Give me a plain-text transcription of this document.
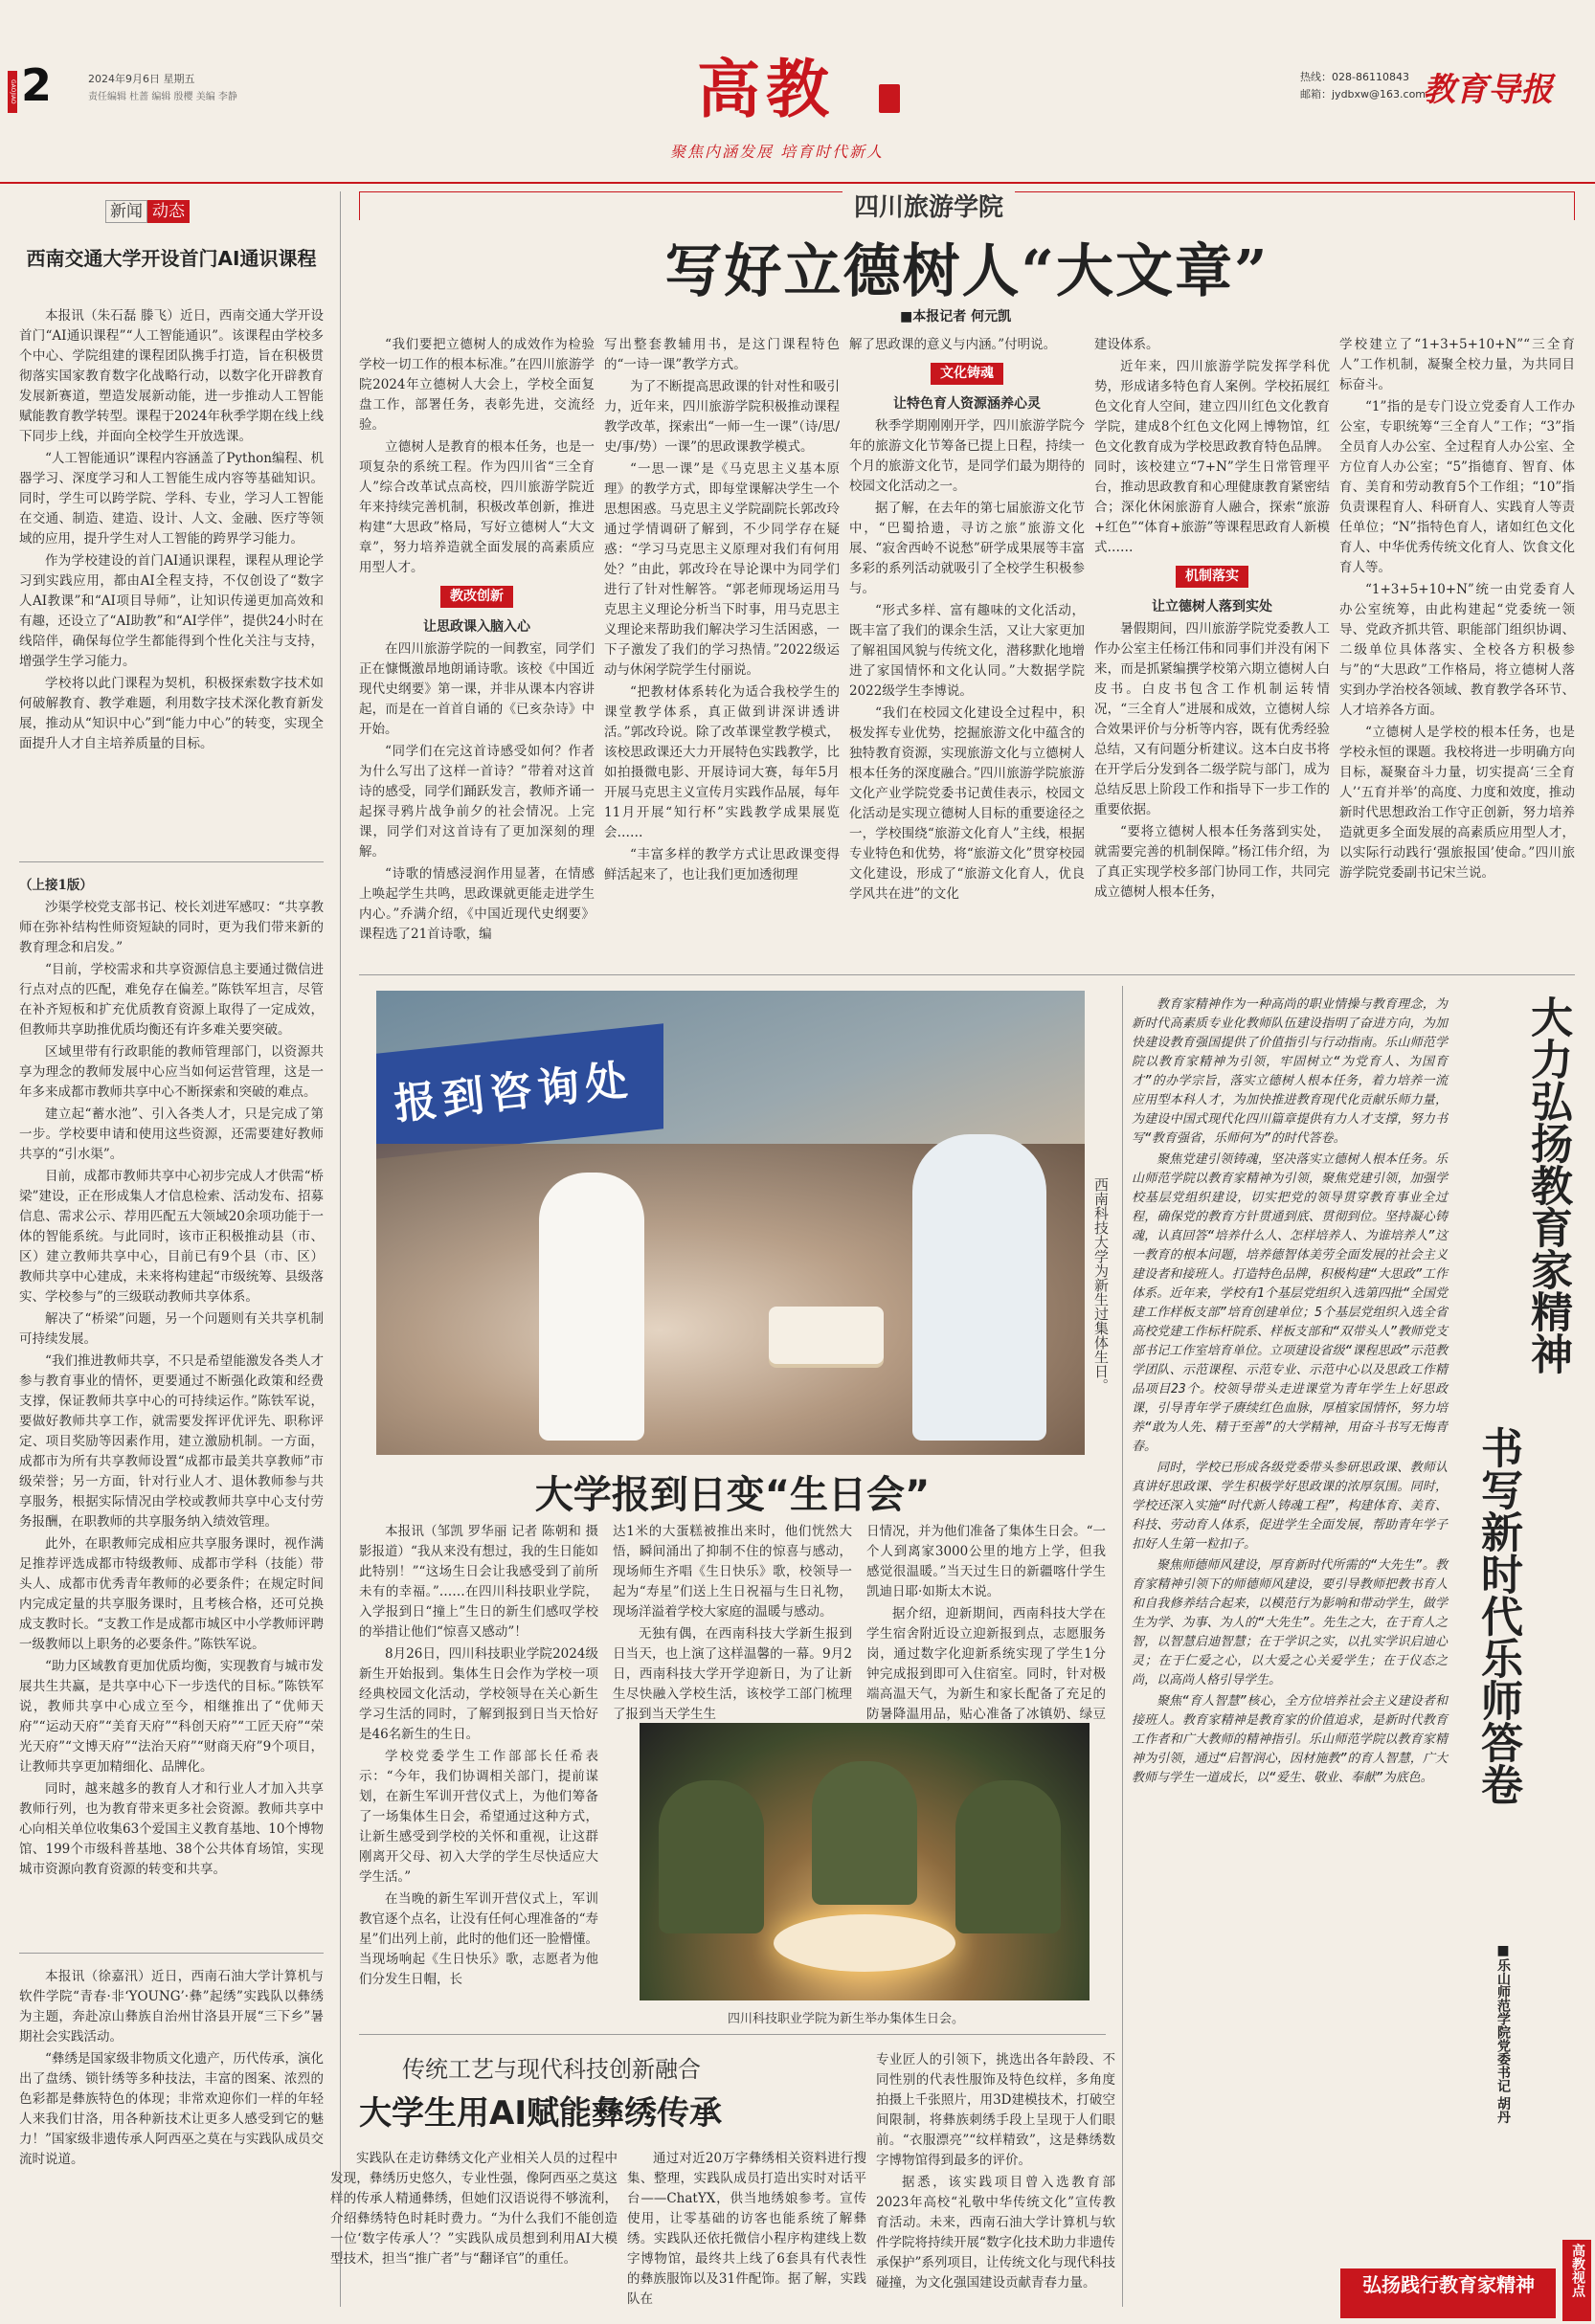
GAOJIAO 2	2024年9月6日 星期五
责任编辑 杜蔷 编辑 殷樱 美编 李静	高教
聚焦内涵发展 培育时代新人
热线：028-86110843
邮箱：jydbxw@163.com
教育导报
新闻 动态
西南交通大学开设首门AI通识课程

本报讯（朱石磊 滕飞）近日，西南交通大学开设首门“AI通识课程”“人工智能通识”。该课程由学校多个中心、学院组建的课程团队携手打造，旨在积极贯彻落实国家教育数字化战略行动，以数字化开辟教育发展新赛道，塑造发展新动能，进一步推动人工智能赋能教育教学转型。课程于2024年秋季学期在线上线下同步上线，并面向全校学生开放选课。

“人工智能通识”课程内容涵盖了Python编程、机器学习、深度学习和人工智能生成内容等基础知识。同时，学生可以跨学院、学科、专业，学习人工智能在交通、制造、建造、设计、人文、金融、医疗等领域的应用，提升学生对人工智能的跨界学习能力。

作为学校建设的首门AI通识课程，课程从理论学习到实践应用，都由AI全程支持，不仅创设了“数字人AI教课”和“AI项目导师”，让知识传递更加高效和有趣，还设立了“AI助教”和“AI学伴”，提供24小时在线陪伴，确保每位学生都能得到个性化关注与支持，增强学生学习能力。

学校将以此门课程为契机，积极探索数字技术如何破解教育、教学难题，利用数字技术深化教育新发展，推动从“知识中心”到“能力中心”的转变，实现全面提升人才自主培养质量的目标。

（上接1版）

沙渠学校党支部书记、校长刘进军感叹：“共享教师在弥补结构性师资短缺的同时，更为我们带来新的教育理念和启发。”

“目前，学校需求和共享资源信息主要通过微信进行点对点的匹配，难免存在偏差。”陈铁军坦言，尽管在补齐短板和扩充优质教育资源上取得了一定成效，但教师共享助推优质均衡还有许多难关要突破。

区域里带有行政职能的教师管理部门，以资源共享为理念的教师发展中心应当如何运营管理，这是一年多来成都市教师共享中心不断探索和突破的难点。

建立起“蓄水池”、引入各类人才，只是完成了第一步。学校要申请和使用这些资源，还需要建好教师共享的“引水渠”。

目前，成都市教师共享中心初步完成人才供需“桥梁”建设，正在形成集人才信息检索、活动发布、招募信息、需求公示、荐用匹配五大领域20余项功能于一体的智能系统。与此同时，该市正积极推动县（市、区）建立教师共享中心，目前已有9个县（市、区）教师共享中心建成，未来将构建起“市级统筹、县级落实、学校参与”的三级联动教师共享体系。

解决了“桥梁”问题，另一个问题则有关共享机制可持续发展。

“我们推进教师共享，不只是希望能激发各类人才参与教育事业的情怀，更要通过不断强化政策和经费支撑，保证教师共享中心的可持续运作。”陈铁军说，要做好教师共享工作，就需要发挥评优评先、职称评定、项目奖励等因素作用，建立激励机制。一方面，成都市为所有共享教师设置“成都市最美共享教师”市级荣誉；另一方面，针对行业人才、退休教师参与共享服务，根据实际情况由学校或教师共享中心支付劳务报酬，在职教师的共享服务纳入绩效管理。

此外，在职教师完成相应共享服务课时，视作满足推荐评选成都市特级教师、成都市学科（技能）带头人、成都市优秀青年教师的必要条件；在规定时间内完成定量的共享服务课时，且考核合格，还可兑换成支教时长。“支教工作是成都市城区中小学教师评聘一级教师以上职务的必要条件。”陈铁军说。

“助力区域教育更加优质均衡，实现教育与城市发展共生共赢，是共享中心下一步迭代的目标。”陈铁军说，教师共享中心成立至今，相继推出了“优师天府”“运动天府”“美育天府”“科创天府”“工匠天府”“荣光天府”“文博天府”“法治天府”“财商天府”9个项目，让教师共享更加精细化、品牌化。

同时，越来越多的教育人才和行业人才加入共享教师行列，也为教育带来更多社会资源。教师共享中心向相关单位收集63个爱国主义教育基地、10个博物馆、199个市级科普基地、38个公共体育场馆，实现城市资源向教育资源的转变和共享。

本报讯（徐嘉汛）近日，西南石油大学计算机与软件学院“青春·非‘YOUNG’·彝”起绣”实践队以彝绣为主题，奔赴凉山彝族自治州甘洛县开展“三下乡”暑期社会实践活动。

“彝绣是国家级非物质文化遗产，历代传承，演化出了盘绣、锁针绣等多种技法，丰富的图案、浓烈的色彩都是彝族特色的体现；非常欢迎你们一样的年轻人来我们甘洛，用各种新技术让更多人感受到它的魅力！”国家级非遗传承人阿西巫之莫在与实践队成员交流时说道。

四川旅游学院
写好立德树人“大文章”
■本报记者 何元凯

“我们要把立德树人的成效作为检验学校一切工作的根本标准。”在四川旅游学院2024年立德树人大会上，学校全面复盘工作，部署任务，表彰先进，交流经验。

立德树人是教育的根本任务，也是一项复杂的系统工程。作为四川省“三全育人”综合改革试点高校，四川旅游学院近年来持续完善机制，积极改革创新，推进构建“大思政”格局，写好立德树人“大文章”，努力培养造就全面发展的高素质应用型人才。

教改创新

让思政课入脑入心

在四川旅游学院的一间教室，同学们正在慷慨激昂地朗诵诗歌。该校《中国近现代史纲要》第一课，并非从课本内容讲起，而是在一首首自诵的《已亥杂诗》中开始。

“同学们在完这首诗感受如何？作者为什么写出了这样一首诗？”带着对这首诗的感受，同学们踊跃发言，教师齐诵一起探寻鸦片战争前夕的社会情况。上完课，同学们对这首诗有了更加深刻的理解。

“诗歌的情感浸润作用显著，在情感上唤起学生共鸣，思政课就更能走进学生内心。”乔满介绍，《中国近现代史纲要》课程选了21首诗歌，编

写出整套教辅用书，是这门课程特色的“一诗一课”教学方式。

为了不断提高思政课的针对性和吸引力，近年来，四川旅游学院积极推动课程教学改革，探索出“一师一生一课”（诗/思/史/事/势）一课”的思政课教学模式。

“一思一课”是《马克思主义基本原理》的教学方式，即每堂课解决学生一个思想困惑。马克思主义学院副院长郭改玲通过学情调研了解到，不少同学存在疑惑：“学习马克思主义原理对我们有何用处？”由此，郭改玲在导论课中为同学们进行了针对性解答。“郭老师现场运用马克思主义理论分析当下时事，用马克思主义理论来帮助我们解决学习生活困惑，一下子激发了我们的学习热情。”2022级运动与休闲学院学生付丽说。

“把教材体系转化为适合我校学生的课堂教学体系，真正做到讲深讲透讲活。”郭改玲说。除了改革课堂教学模式，该校思政课还大力开展特色实践教学，比如拍摄微电影、开展诗词大赛，每年5月开展马克思主义宣传月实践作品展，每年11月开展“知行杯”实践教学成果展览会……

“丰富多样的教学方式让思政课变得鲜活起来了，也让我们更加透彻理

解了思政课的意义与内涵。”付明说。

文化铸魂

让特色育人资源涵养心灵

秋季学期刚刚开学，四川旅游学院今年的旅游文化节筹备已提上日程，持续一个月的旅游文化节，是同学们最为期待的校园文化活动之一。

据了解，在去年的第七届旅游文化节中，“巴蜀拾遗，寻访之旅”旅游文化展、“寂舍西岭不说愁”研学成果展等丰富多彩的系列活动就吸引了全校学生积极参与。

“形式多样、富有趣味的文化活动，既丰富了我们的课余生活，又让大家更加了解祖国风貌与传统文化，潜移默化地增进了家国情怀和文化认同。”大数据学院2022级学生李博说。

“我们在校园文化建设全过程中，积极发挥专业优势，挖掘旅游文化中蕴含的独特教育资源，实现旅游文化与立德树人根本任务的深度融合。”四川旅游学院旅游文化产业学院党委书记黄佳表示，校园文化活动是实现立德树人目标的重要途径之一，学校围绕“旅游文化育人”主线，根据专业特色和优势，将“旅游文化”贯穿校园文化建设，形成了“旅游文化育人，优良学风共在进”的文化

建设体系。

近年来，四川旅游学院发挥学科优势，形成诸多特色育人案例。学校拓展红色文化育人空间，建立四川红色文化教育学院，建成8个红色文化网上博物馆，红色文化教育成为学校思政教育特色品牌。同时，该校建立“7+N”学生日常管理平台，推动思政教育和心理健康教育紧密结合；深化休闲旅游育人融合，探索“旅游+红色”“体育+旅游”等课程思政育人新模式……

机制落实

让立德树人落到实处

暑假期间，四川旅游学院党委教人工作办公室主任杨江伟和同事们并没有闲下来，而是抓紧编撰学校第六期立德树人白皮书。白皮书包含工作机制运转情况，“三全育人”进展和成效，立德树人综合效果评价与分析等内容，既有优秀经验总结，又有问题分析建议。这本白皮书将在开学后分发到各二级学院与部门，成为总结反思上阶段工作和指导下一步工作的重要依据。

“要将立德树人根本任务落到实处，就需要完善的机制保障。”杨江伟介绍，为了真正实现学校多部门协同工作，共同完成立德树人根本任务，

学校建立了“1+3+5+10+N”“三全育人”工作机制，凝聚全校力量，为共同目标奋斗。

“1”指的是专门设立党委育人工作办公室，专职统筹“三全育人”工作；“3”指全员育人办公室、全过程育人办公室、全方位育人办公室；“5”指德育、智育、体育、美育和劳动教育5个工作组；“10”指负责课程育人、科研育人、实践育人等责任单位；“N”指特色育人，诸如红色文化育人、中华优秀传统文化育人、饮食文化育人等。

“1+3+5+10+N”统一由党委育人办公室统筹，由此构建起“党委统一领导、党政齐抓共管、职能部门组织协调、二级单位具体落实、全校各方积极参与”的“大思政”工作格局，将立德树人落实到办学治校各领域、教育教学各环节、人才培养各方面。

“立德树人是学校的根本任务，也是学校永恒的课题。我校将进一步明确方向目标，凝聚奋斗力量，切实提高‘三全育人’‘五育并举’的高度、力度和效度，推动新时代思想政治工作守正创新，努力培养造就更多全面发展的高素质应用型人才，以实际行动践行‘强旅报国’使命。”四川旅游学院党委副书记宋兰说。

报到咨询处
西南科技大学为新生过集体生日。
大学报到日变“生日会”

本报讯（邹凯 罗华丽 记者 陈朝和 摄影报道）“我从来没有想过，我的生日能如此特别！”“这场生日会让我感受到了前所未有的幸福。”……在四川科技职业学院，入学报到日“撞上”生日的新生们感叹学校的举措让他们“惊喜又感动”！

8月26日，四川科技职业学院2024级新生开始报到。集体生日会作为学校一项经典校园文化活动，学校领导在关心新生学习生活的同时，了解到报到日当天恰好是46名新生的生日。

学校党委学生工作部部长任希表示：“今年，我们协调相关部门，提前谋划，在新生军训开营仪式上，为他们筹备了一场集体生日会，希望通过这种方式，让新生感受到学校的关怀和重视，让这群刚离开父母、初入大学的学生尽快适应大学生活。”

在当晚的新生军训开营仪式上，军训教官逐个点名，让没有任何心理准备的“寿星”们出列上前，此时的他们还一脸懵懂。当现场响起《生日快乐》歌，志愿者为他们分发生日帽，长

达1米的大蛋糕被推出来时，他们恍然大悟，瞬间涌出了抑制不住的惊喜与感动，现场师生齐唱《生日快乐》歌，校领导一起为“寿星”们送上生日祝福与生日礼物，现场洋溢着学校大家庭的温暖与感动。

无独有偶，在西南科技大学新生报到日当天，也上演了这样温馨的一幕。9月2日，西南科技大学开学迎新日，为了让新生尽快融入学校生活，该校学工部门梳理了报到当天学生生

日情况，并为他们准备了集体生日会。“一个人到离家3000公里的地方上学，但我感觉很温暖。”当天过生日的新疆喀什学生凯迪日耶·如斯太木说。

据介绍，迎新期间，西南科技大学在学生宿舍附近设立迎新报到点，志愿服务岗，通过数字化迎新系统实现了学生1分钟完成报到即可入住宿室。同时，针对极端高温天气，为新生和家长配备了充足的防暑降温用品，贴心准备了冰镇奶、绿豆

四川科技职业学院为新生举办集体生日会。
传统工艺与现代科技创新融合
大学生用AI赋能彝绣传承

实践队在走访彝绣文化产业相关人员的过程中发现，彝绣历史悠久，专业性强，像阿西巫之莫这样的传承人精通彝绣，但她们汉语说得不够流利，介绍彝绣特色时耗时费力。“为什么我们不能创造一位‘数字传承人’？”实践队成员想到利用AI大模型技术，担当“推广者”与“翻译官”的重任。

通过对近20万字彝绣相关资料进行搜集、整理，实践队成员打造出实时对话平台——ChatYX，供当地绣娘参考。宣传使用，让零基础的访客也能系统了解彝绣。实践队还依托微信小程序构建线上数字博物馆，最终共上线了6套具有代表性的彝族服饰以及31件配饰。据了解，实践队在

专业匠人的引领下，挑选出各年龄段、不同性别的代表性服饰及特色纹样，多角度拍摄上千张照片，用3D建模技术，打破空间限制，将彝族刺绣手段上呈现于人们眼前。“衣服漂亮”“纹样精致”，这是彝绣数字博物馆得到最多的评价。

据悉，该实践项目曾入选教育部2023年高校“礼敬中华传统文化”宣传教育活动。未来，西南石油大学计算机与软件学院将持续开展“数字化技术助力非遗传承保护”系列项目，让传统文化与现代科技碰撞，为文化强国建设贡献青春力量。

大力弘扬教育家精神
书写新时代乐师答卷
■乐山师范学院党委书记 胡丹

教育家精神作为一种高尚的职业情操与教育理念，为新时代高素质专业化教师队伍建设指明了奋进方向，为加快建设教育强国提供了价值指引与行动指南。乐山师范学院以教育家精神为引领，牢固树立“为党育人、为国育才”的办学宗旨，落实立德树人根本任务，着力培养一流应用型本科人才，为加快推进教育现代化贡献乐师力量，为建设中国式现代化四川篇章提供有力人才支撑，努力书写“教育强省，乐师何为”的时代答卷。

聚焦党建引领铸魂，坚决落实立德树人根本任务。乐山师范学院以教育家精神为引领，聚焦党建引领，加强学校基层党组织建设，切实把党的领导贯穿教育事业全过程，确保党的教育方针贯通到底、贯彻到位。坚持凝心铸魂，认真回答“培养什么人、怎样培养人、为谁培养人”这一教育的根本问题，培养德智体美劳全面发展的社会主义建设者和接班人。打造特色品牌，积极构建“大思政”工作体系。近年来，学校有1个基层党组织入选第四批“全国党建工作样板支部”培育创建单位；5个基层党组织入选全省高校党建工作标杆院系、样板支部和“双带头人”教师党支部书记工作室培育单位。立项建设省级“课程思政”示范教学团队、示范课程、示范专业、示范中心以及思政工作精品项目23个。校领导带头走进课堂为青年学生上好思政课，引导青年学子赓续红色血脉，厚植家国情怀，努力培养“敢为人先、精于至善”的大学精神，用奋斗书写无悔青春。

同时，学校已形成各级党委带头参研思政课、教师认真讲好思政课、学生积极学好思政课的浓厚氛围。同时，学校还深入实施“时代新人铸魂工程”，构建体育、美育、科技、劳动育人体系，促进学生全面发展，帮助青年学子扣好人生第一粒扣子。

聚焦师德师风建设，厚育新时代所需的“大先生”。教育家精神引领下的师德师风建设，要引导教师把教书育人和自我修养结合起来，以模范行为影响和带动学生，做学生为学、为事、为人的“大先生”。先生之大，在于育人之智，以智慧启迪智慧；在于学识之实，以扎实学识启迪心灵；在于仁爱之心，以大爱之心关爱学生；在于仪态之尚，以高尚人格引导学生。

聚焦“育人智慧”核心，全方位培养社会主义建设者和接班人。教育家精神是教育家的价值追求，是新时代教育工作者和广大教师的精神指引。乐山师范学院以教育家精神为引领，通过“启智润心，因材施教”的育人智慧，广大教师与学生一道成长，以“爱生、敬业、奉献”为底色。

高教视点
弘扬践行教育家精神
